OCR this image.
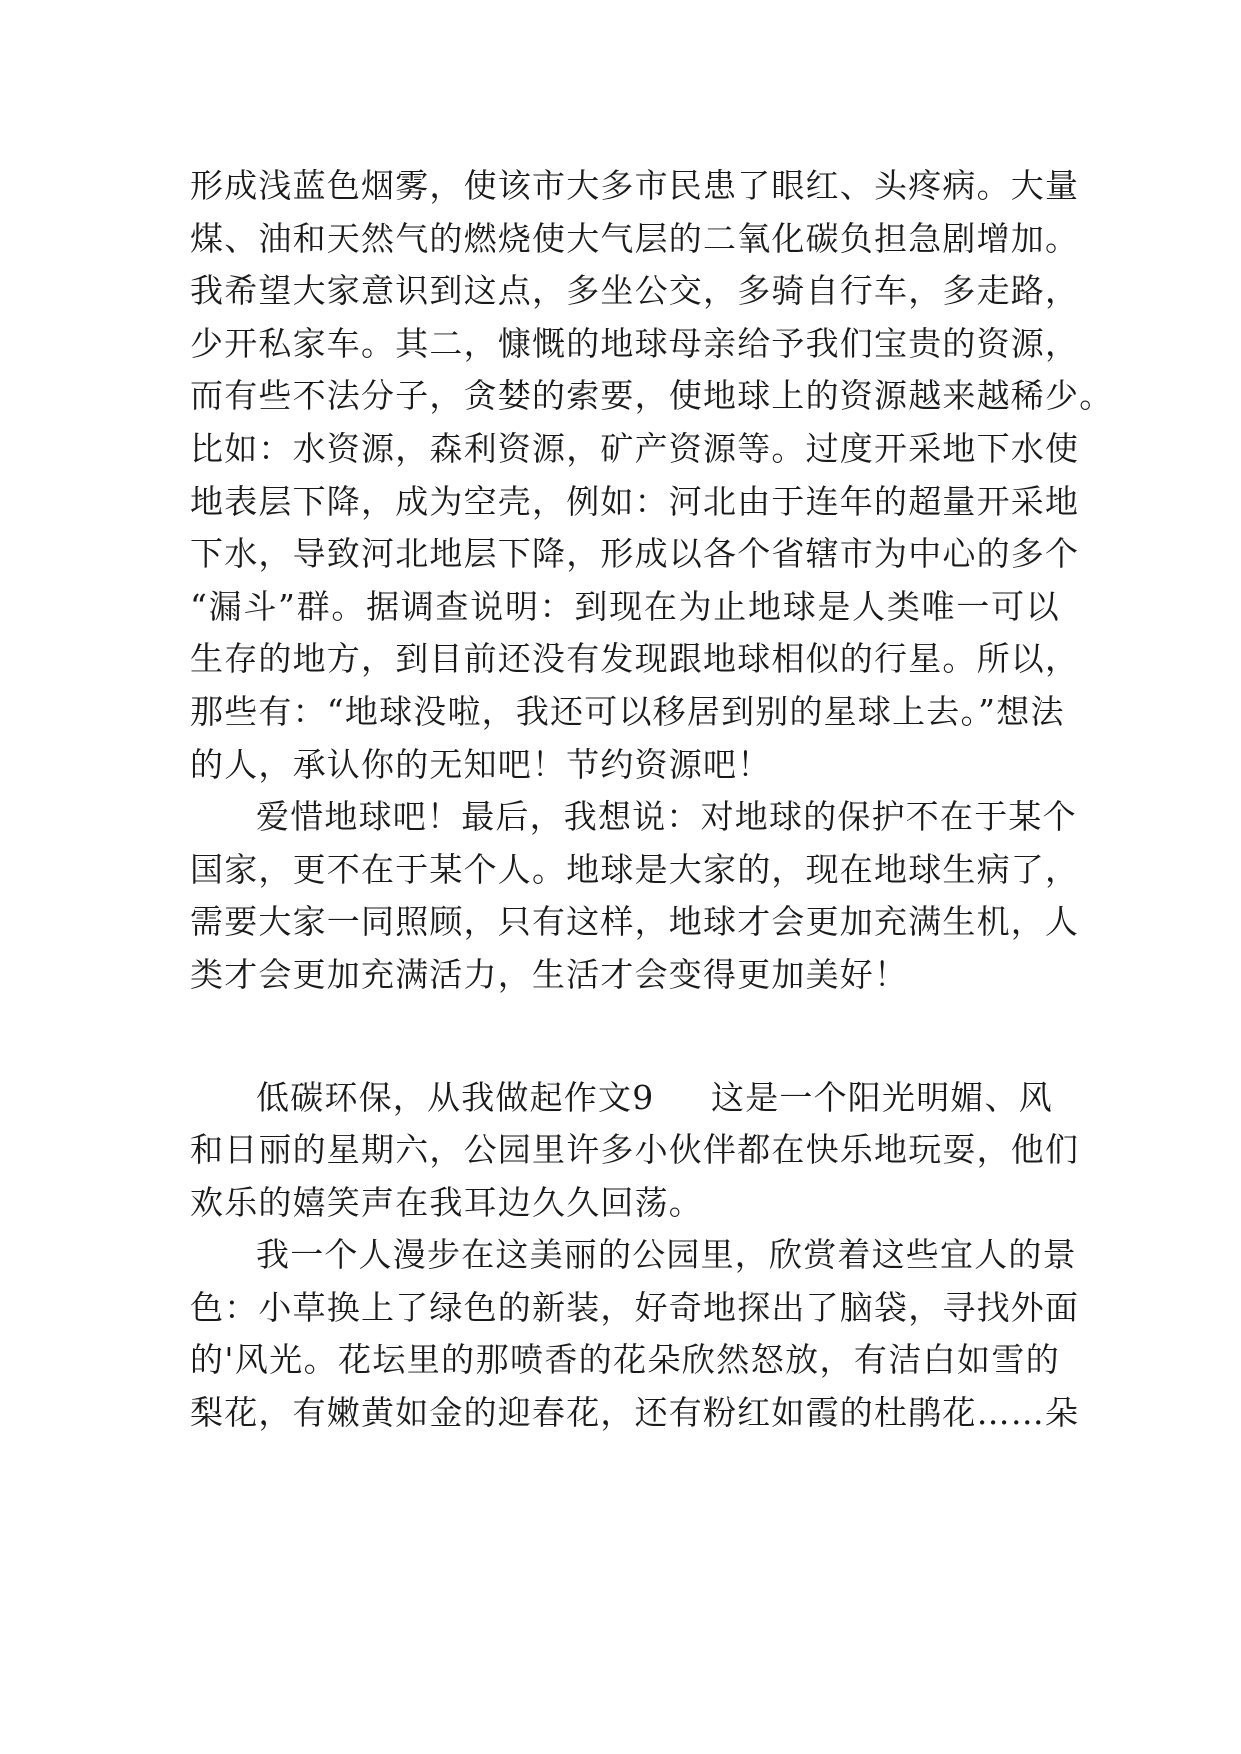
形成浅蓝色烟雾，使该市大多市民患了眼红、头疼病。大量
煤、油和天然气的燃烧使大气层的二氧化碳负担急剧增加。
我希望大家意识到这点，多坐公交，多骑自行车，多走路，
少开私家车。其二，慷慨的地球母亲给予我们宝贵的资源，
而有些不法分子，贪婪的索要，使地球上的资源越来越稀少。
比如：水资源，森利资源，矿产资源等。过度开采地下水使
地表层下降，成为空壳，例如：河北由于连年的超量开采地
下水，导致河北地层下降，形成以各个省辖市为中心的多个
“漏斗”群。据调查说明：到现在为止地球是人类唯一可以
生存的地方，到目前还没有发现跟地球相似的行星。所以，
那些有：“地球没啦，我还可以移居到别的星球上去。”想法
的人，承认你的无知吧！节约资源吧！
爱惜地球吧！最后，我想说：对地球的保护不在于某个
国家，更不在于某个人。地球是大家的，现在地球生病了，
需要大家一同照顾，只有这样，地球才会更加充满生机，人
类才会更加充满活力，生活才会变得更加美好！
低碳环保，从我做起作文9 这是一个阳光明媚、风
和日丽的星期六，公园里许多小伙伴都在快乐地玩耍，他们
欢乐的嬉笑声在我耳边久久回荡。
我一个人漫步在这美丽的公园里，欣赏着这些宜人的景
色：小草换上了绿色的新装，好奇地探出了脑袋，寻找外面
的'风光。花坛里的那喷香的花朵欣然怒放，有洁白如雪的
梨花，有嫩黄如金的迎春花，还有粉红如霞的杜鹃花……朵
